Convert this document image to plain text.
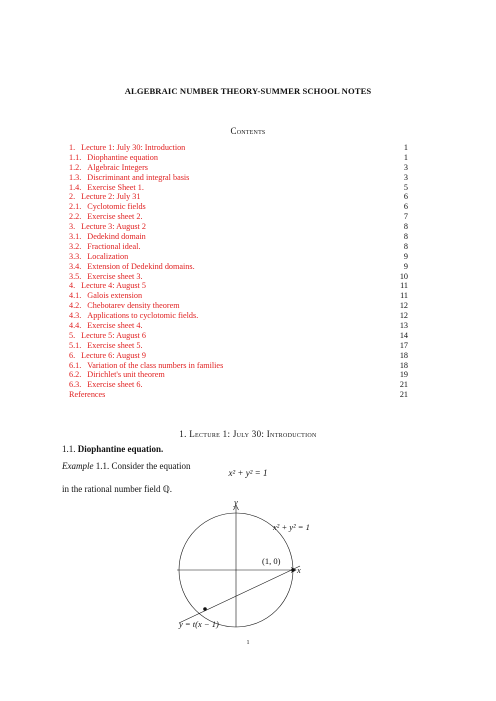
ALGEBRAIC NUMBER THEORY-SUMMER SCHOOL NOTES
Contents
1. Lecture 1: July 30: Introduction	1
1.1. Diophantine equation	1
1.2. Algebraic Integers	3
1.3. Discriminant and integral basis	3
1.4. Exercise Sheet 1.	5
2. Lecture 2: July 31	6
2.1. Cyclotomic fields	6
2.2. Exercise sheet 2.	7
3. Lecture 3: August 2	8
3.1. Dedekind domain	8
3.2. Fractional ideal.	8
3.3. Localization	9
3.4. Extension of Dedekind domains.	9
3.5. Exercise sheet 3.	10
4. Lecture 4: August 5	11
4.1. Galois extension	11
4.2. Chebotarev density theorem	12
4.3. Applications to cyclotomic fields.	12
4.4. Exercise sheet 4.	13
5. Lecture 5: August 6	14
5.1. Exercise sheet 5.	17
6. Lecture 6: August 9	18
6.1. Variation of the class numbers in families	18
6.2. Dirichlet's unit theorem	19
6.3. Exercise sheet 6.	21
References	21
1. Lecture 1: July 30: Introduction
1.1. Diophantine equation.
Example 1.1. Consider the equation
x² + y² = 1
in the rational number field ℚ.
y
x
x² + y² = 1
(1, 0)
y = t(x − 1)
1
